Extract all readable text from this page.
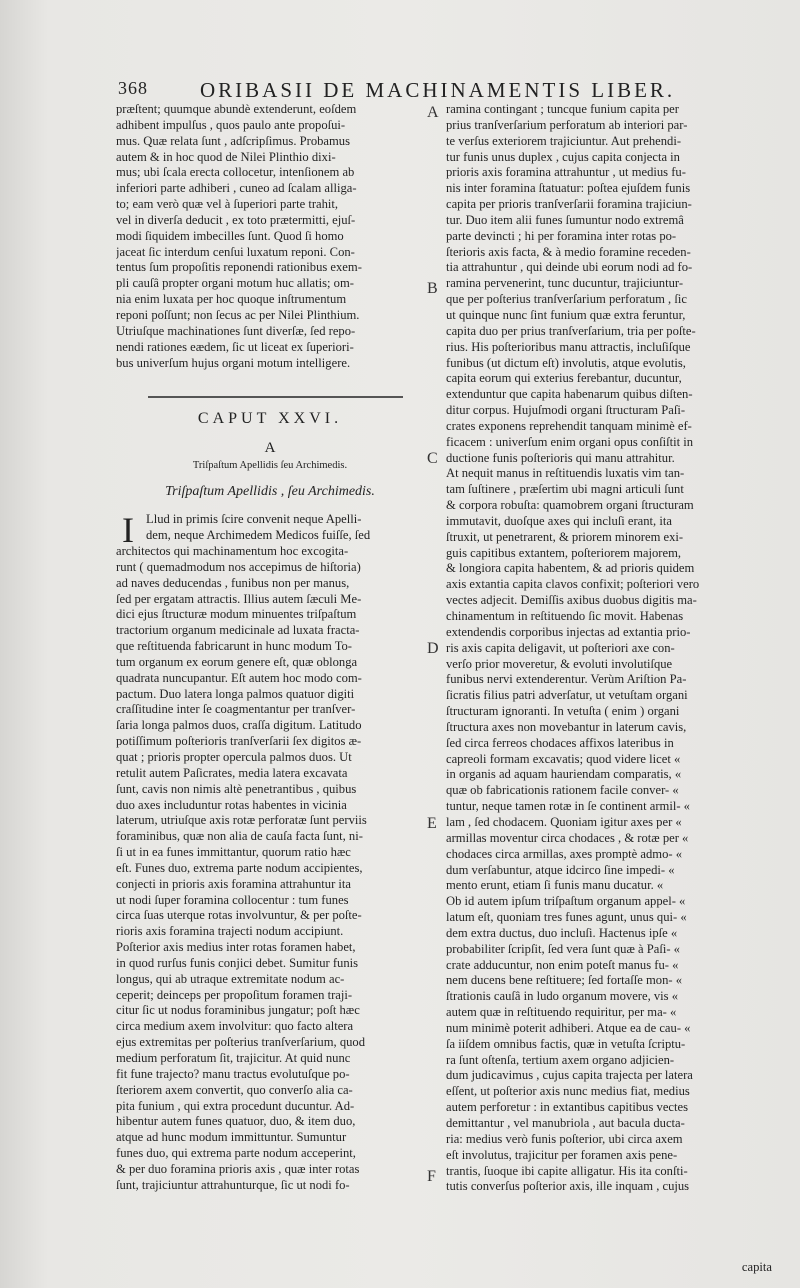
368 ORIBASII DE MACHINAMENTIS LIBER.
A
B
C
D
E
F
præſtent; quumque abundè extenderunt, eoſdem
adhibent impulſus , quos paulo ante propoſui-
mus. Quæ relata ſunt , adſcripſimus. Probamus
autem & in hoc quod de Nilei Plinthio dixi-
mus; ubi ſcala erecta collocetur, intenſionem ab
inferiori parte adhiberi , cuneo ad ſcalam alliga-
to; eam verò quæ vel à ſuperiori parte trahit,
vel in diverſa deducit , ex toto prætermitti, ejuſ-
modi ſiquidem imbecilles ſunt. Quod ſi homo
jaceat ſic interdum cenſui luxatum reponi. Con-
tentus ſum propoſitis reponendi rationibus exem-
pli cauſâ propter organi motum huc allatis; om-
nia enim luxata per hoc quoque inſtrumentum
reponi poſſunt; non ſecus ac per Nilei Plinthium.
Utriuſque machinationes ſunt diverſæ, ſed repo-
nendi rationes eædem, ſic ut liceat ex ſuperiori-
bus univerſum hujus organi motum intelligere.
CAPUT XXVI.
A
Triſpaſtum Apellidis ſeu Archimedis.
Triſpaſtum Apellidis , ſeu Archimedis.
I Llud in primis ſcire convenit neque Apelli-
dem, neque Archimedem Medicos fuiſſe, ſed
architectos qui machinamentum hoc excogita-
runt ( quemadmodum nos accepimus de hiſtoria)
ad naves deducendas , funibus non per manus,
ſed per ergatam attractis. Illius autem ſæculi Me-
dici ejus ſtructuræ modum minuentes triſpaſtum
tractorium organum medicinale ad luxata fracta-
que reſtituenda fabricarunt in hunc modum To-
tum organum ex eorum genere eſt, quæ oblonga
quadrata nuncupantur. Eſt autem hoc modo com-
pactum. Duo latera longa palmos quatuor digiti
craſſitudine inter ſe coagmentantur per tranſver-
ſaria longa palmos duos, craſſa digitum. Latitudo
potiſſimum poſterioris tranſverſarii ſex digitos æ-
quat ; prioris propter opercula palmos duos. Ut
retulit autem Paſicrates, media latera excavata
ſunt, cavis non nimis altè penetrantibus , quibus
duo axes includuntur rotas habentes in vicinia
laterum, utriuſque axis rotæ perforatæ ſunt perviis
foraminibus, quæ non alia de cauſa facta ſunt, ni-
ſi ut in ea funes immittantur, quorum ratio hæc
eſt. Funes duo, extrema parte nodum accipientes,
conjecti in prioris axis foramina attrahuntur ita
ut nodi ſuper foramina collocentur : tum funes
circa ſuas uterque rotas involvuntur, & per poſte-
rioris axis foramina trajecti nodum accipiunt.
Poſterior axis medius inter rotas foramen habet,
in quod rurſus funis conjici debet. Sumitur funis
longus, qui ab utraque extremitate nodum ac-
ceperit; deinceps per propoſitum foramen traji-
citur ſic ut nodus foraminibus jungatur; poſt hæc
circa medium axem involvitur: quo facto altera
ejus extremitas per poſterius tranſverſarium, quod
medium perforatum ſit, trajicitur. At quid nunc
fit fune trajecto? manu tractus evolutuſque po-
ſteriorem axem convertit, quo converſo alia ca-
pita funium , qui extra procedunt ducuntur. Ad-
hibentur autem funes quatuor, duo, & item duo,
atque ad hunc modum immittuntur. Sumuntur
funes duo, qui extrema parte nodum acceperint,
& per duo foramina prioris axis , quæ inter rotas
ſunt, trajiciuntur attrahunturque, ſic ut nodi fo-
ramina contingant ; tuncque funium capita per
prius tranſverſarium perforatum ab interiori par-
te verſus exteriorem trajiciuntur. Aut prehendi-
tur funis unus duplex , cujus capita conjecta in
prioris axis foramina attrahuntur , ut medius fu-
nis inter foramina ſtatuatur: poſtea ejuſdem funis
capita per prioris tranſverſarii foramina trajiciun-
tur. Duo item alii funes ſumuntur nodo extremâ
parte devincti ; hi per foramina inter rotas po-
ſterioris axis facta, & à medio foramine receden-
tia attrahuntur , qui deinde ubi eorum nodi ad fo-
ramina pervenerint, tunc ducuntur, trajiciuntur-
que per poſterius tranſverſarium perforatum , ſic
ut quinque nunc ſint funium quæ extra feruntur,
capita duo per prius tranſverſarium, tria per poſte-
rius. His poſterioribus manu attractis, incluſiſque
funibus (ut dictum eſt) involutis, atque evolutis,
capita eorum qui exterius ferebantur, ducuntur,
extenduntur que capita habenarum quibus diſten-
ditur corpus. Hujuſmodi organi ſtructuram Paſi-
crates exponens reprehendit tanquam minimè ef-
ficacem : univerſum enim organi opus conſiſtit in
ductione funis poſterioris qui manu attrahitur.
At nequit manus in reſtituendis luxatis vim tan-
tam ſuſtinere , præſertim ubi magni articuli ſunt
& corpora robuſta: quamobrem organi ſtructuram
immutavit, duoſque axes qui incluſi erant, ita
ſtruxit, ut penetrarent, & priorem minorem exi-
guis capitibus extantem, poſteriorem majorem,
& longiora capita habentem, & ad prioris quidem
axis extantia capita clavos confixit; poſteriori vero
vectes adjecit. Demiſſis axibus duobus digitis ma-
chinamentum in reſtituendo ſic movit. Habenas
extendendis corporibus injectas ad extantia prio-
ris axis capita deligavit, ut poſteriori axe con-
verſo prior moveretur, & evoluti involutiſque
funibus nervi extenderentur. Verùm Ariſtion Pa-
ſicratis filius patri adverſatur, ut vetuſtam organi
ſtructuram ignoranti. In vetuſta ( enim ) organi
ſtructura axes non movebantur in laterum cavis,
ſed circa ferreos chodaces affixos lateribus in
capreoli formam excavatis; quod videre licet «
in organis ad aquam hauriendam comparatis, «
quæ ob fabricationis rationem facile conver- «
tuntur, neque tamen rotæ in ſe continent armil- «
lam , ſed chodacem. Quoniam igitur axes per «
armillas moventur circa chodaces , & rotæ per «
chodaces circa armillas, axes promptè admo- «
dum verſabuntur, atque idcirco ſine impedi- «
mento erunt, etiam ſi funis manu ducatur. «
Ob id autem ipſum triſpaſtum organum appel- «
latum eſt, quoniam tres funes agunt, unus qui- «
dem extra ductus, duo incluſi. Hactenus ipſe «
probabiliter ſcripſit, ſed vera ſunt quæ à Paſi- «
crate adducuntur, non enim poteſt manus fu- «
nem ducens bene reſtituere; ſed fortaſſe mon- «
ſtrationis cauſâ in ludo organum movere, vis «
autem quæ in reſtituendo requiritur, per ma- «
num minimè poterit adhiberi. Atque ea de cau- «
ſa iiſdem omnibus factis, quæ in vetuſta ſcriptu-
ra ſunt oſtenſa, tertium axem organo adjicien-
dum judicavimus , cujus capita trajecta per latera
eſſent, ut poſterior axis nunc medius fiat, medius
autem perforetur : in extantibus capitibus vectes
demittantur , vel manubriola , aut bacula ducta-
ria: medius verò funis poſterior, ubi circa axem
eſt involutus, trajicitur per foramen axis pene-
trantis, ſuoque ibi capite alligatur. His ita conſti-
tutis converſus poſterior axis, ille inquam , cujus
capita
